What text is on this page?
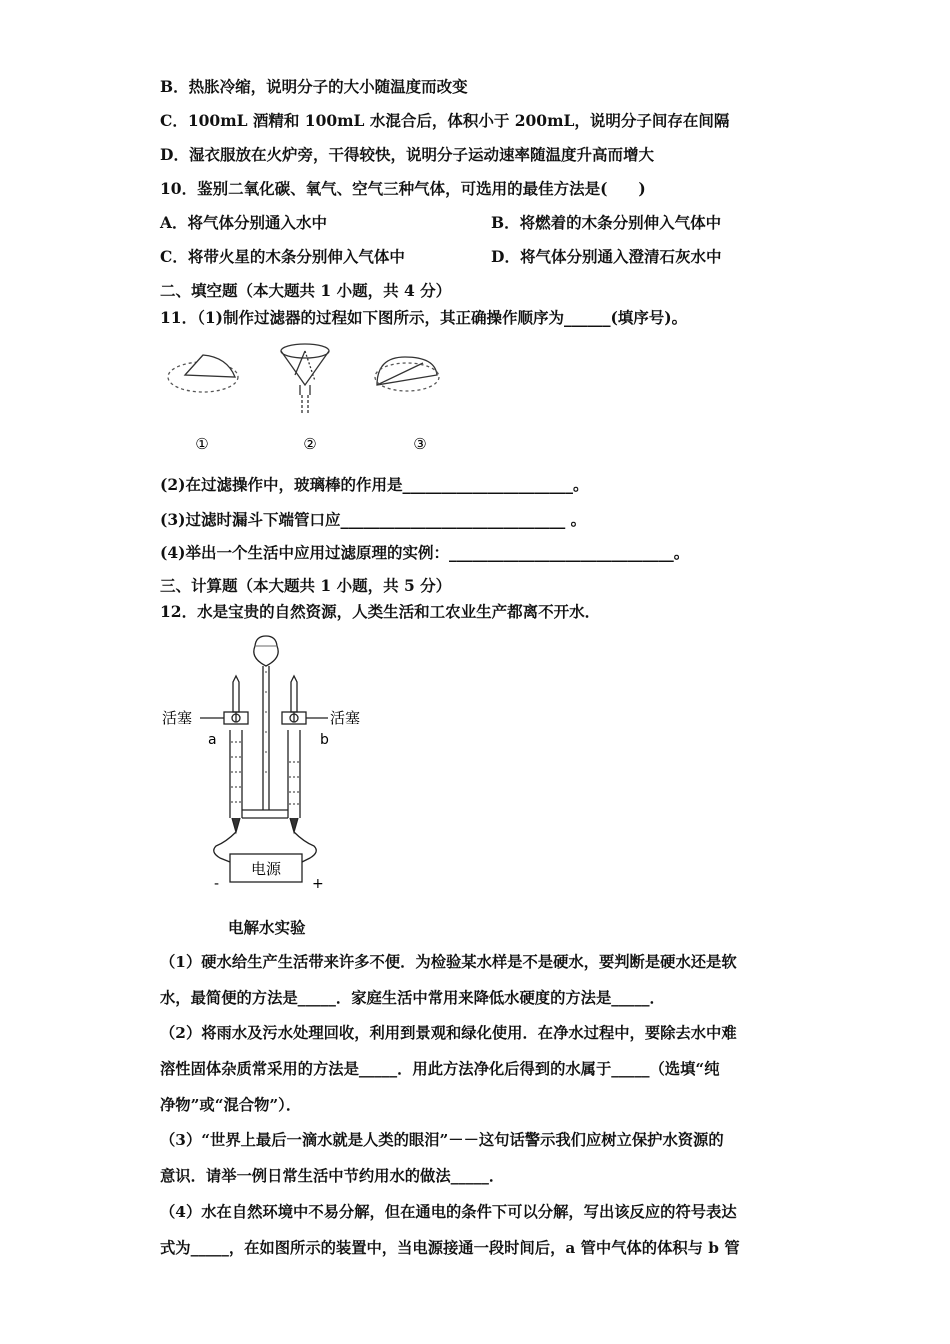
B．热胀冷缩，说明分子的大小随温度而改变
C．100mL 酒精和 100mL 水混合后，体积小于 200mL，说明分子间存在间隔
D．湿衣服放在火炉旁，干得较快，说明分子运动速率随温度升高而增大
10．鉴别二氧化碳、氧气、空气三种气体，可选用的最佳方法是(　　)
A．将气体分别通入水中	B．将燃着的木条分别伸入气体中
C．将带火星的木条分别伸入气体中	D．将气体分别通入澄清石灰水中
二、填空题（本大题共 1 小题，共 4 分）
11．（1)制作过滤器的过程如下图所示，其正确操作顺序为______(填序号)。
①	②	③
(2)在过滤操作中，玻璃棒的作用是______________________。
(3)过滤时漏斗下端管口应_____________________________ 。
(4)举出一个生活中应用过滤原理的实例：_____________________________。
三、计算题（本大题共 1 小题，共 5 分）
12．水是宝贵的自然资源，人类生活和工农业生产都离不开水．
活塞	活塞
a	b
电源
-	+
电解水实验
（1）硬水给生产生活带来许多不便．为检验某水样是不是硬水，要判断是硬水还是软
水，最简便的方法是_____．家庭生活中常用来降低水硬度的方法是_____．
（2）将雨水及污水处理回收，利用到景观和绿化使用．在净水过程中，要除去水中难
溶性固体杂质常采用的方法是_____．用此方法净化后得到的水属于_____（选填“纯
净物”或“混合物”）．
（3）“世界上最后一滴水就是人类的眼泪”－－这句话警示我们应树立保护水资源的
意识．请举一例日常生活中节约用水的做法_____．
（4）水在自然环境中不易分解，但在通电的条件下可以分解，写出该反应的符号表达
式为_____，在如图所示的装置中，当电源接通一段时间后，a 管中气体的体积与 b 管
